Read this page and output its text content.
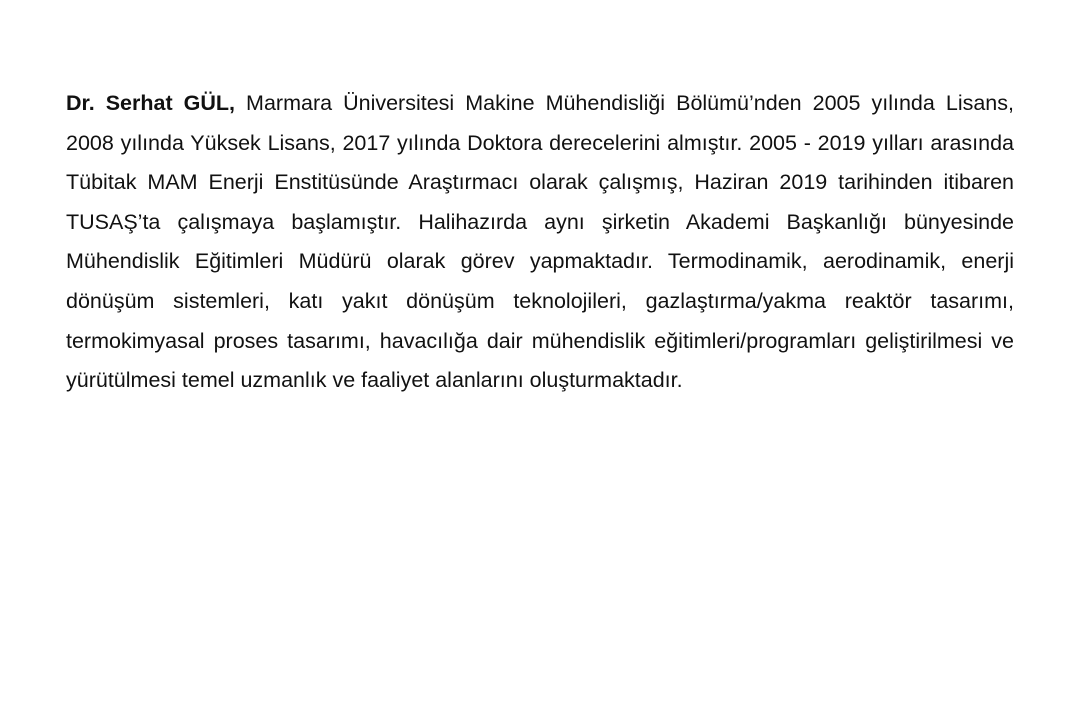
Dr. Serhat GÜL, Marmara Üniversitesi Makine Mühendisliği Bölümü’nden 2005 yılında Lisans, 2008 yılında Yüksek Lisans, 2017 yılında Doktora derecelerini almıştır. 2005 - 2019 yılları arasında Tübitak MAM Enerji Enstitüsünde Araştırmacı olarak çalışmış, Haziran 2019 tarihinden itibaren TUSAŞ’ta çalışmaya başlamıştır. Halihazırda aynı şirketin Akademi Başkanlığı bünyesinde Mühendislik Eğitimleri Müdürü olarak görev yapmaktadır. Termodinamik, aerodinamik, enerji dönüşüm sistemleri, katı yakıt dönüşüm teknolojileri, gazlaştırma/yakma reaktör tasarımı, termokimyasal proses tasarımı, havacılığa dair mühendislik eğitimleri/programları geliştirilmesi ve yürütülmesi temel uzmanlık ve faaliyet alanlarını oluşturmaktadır.
